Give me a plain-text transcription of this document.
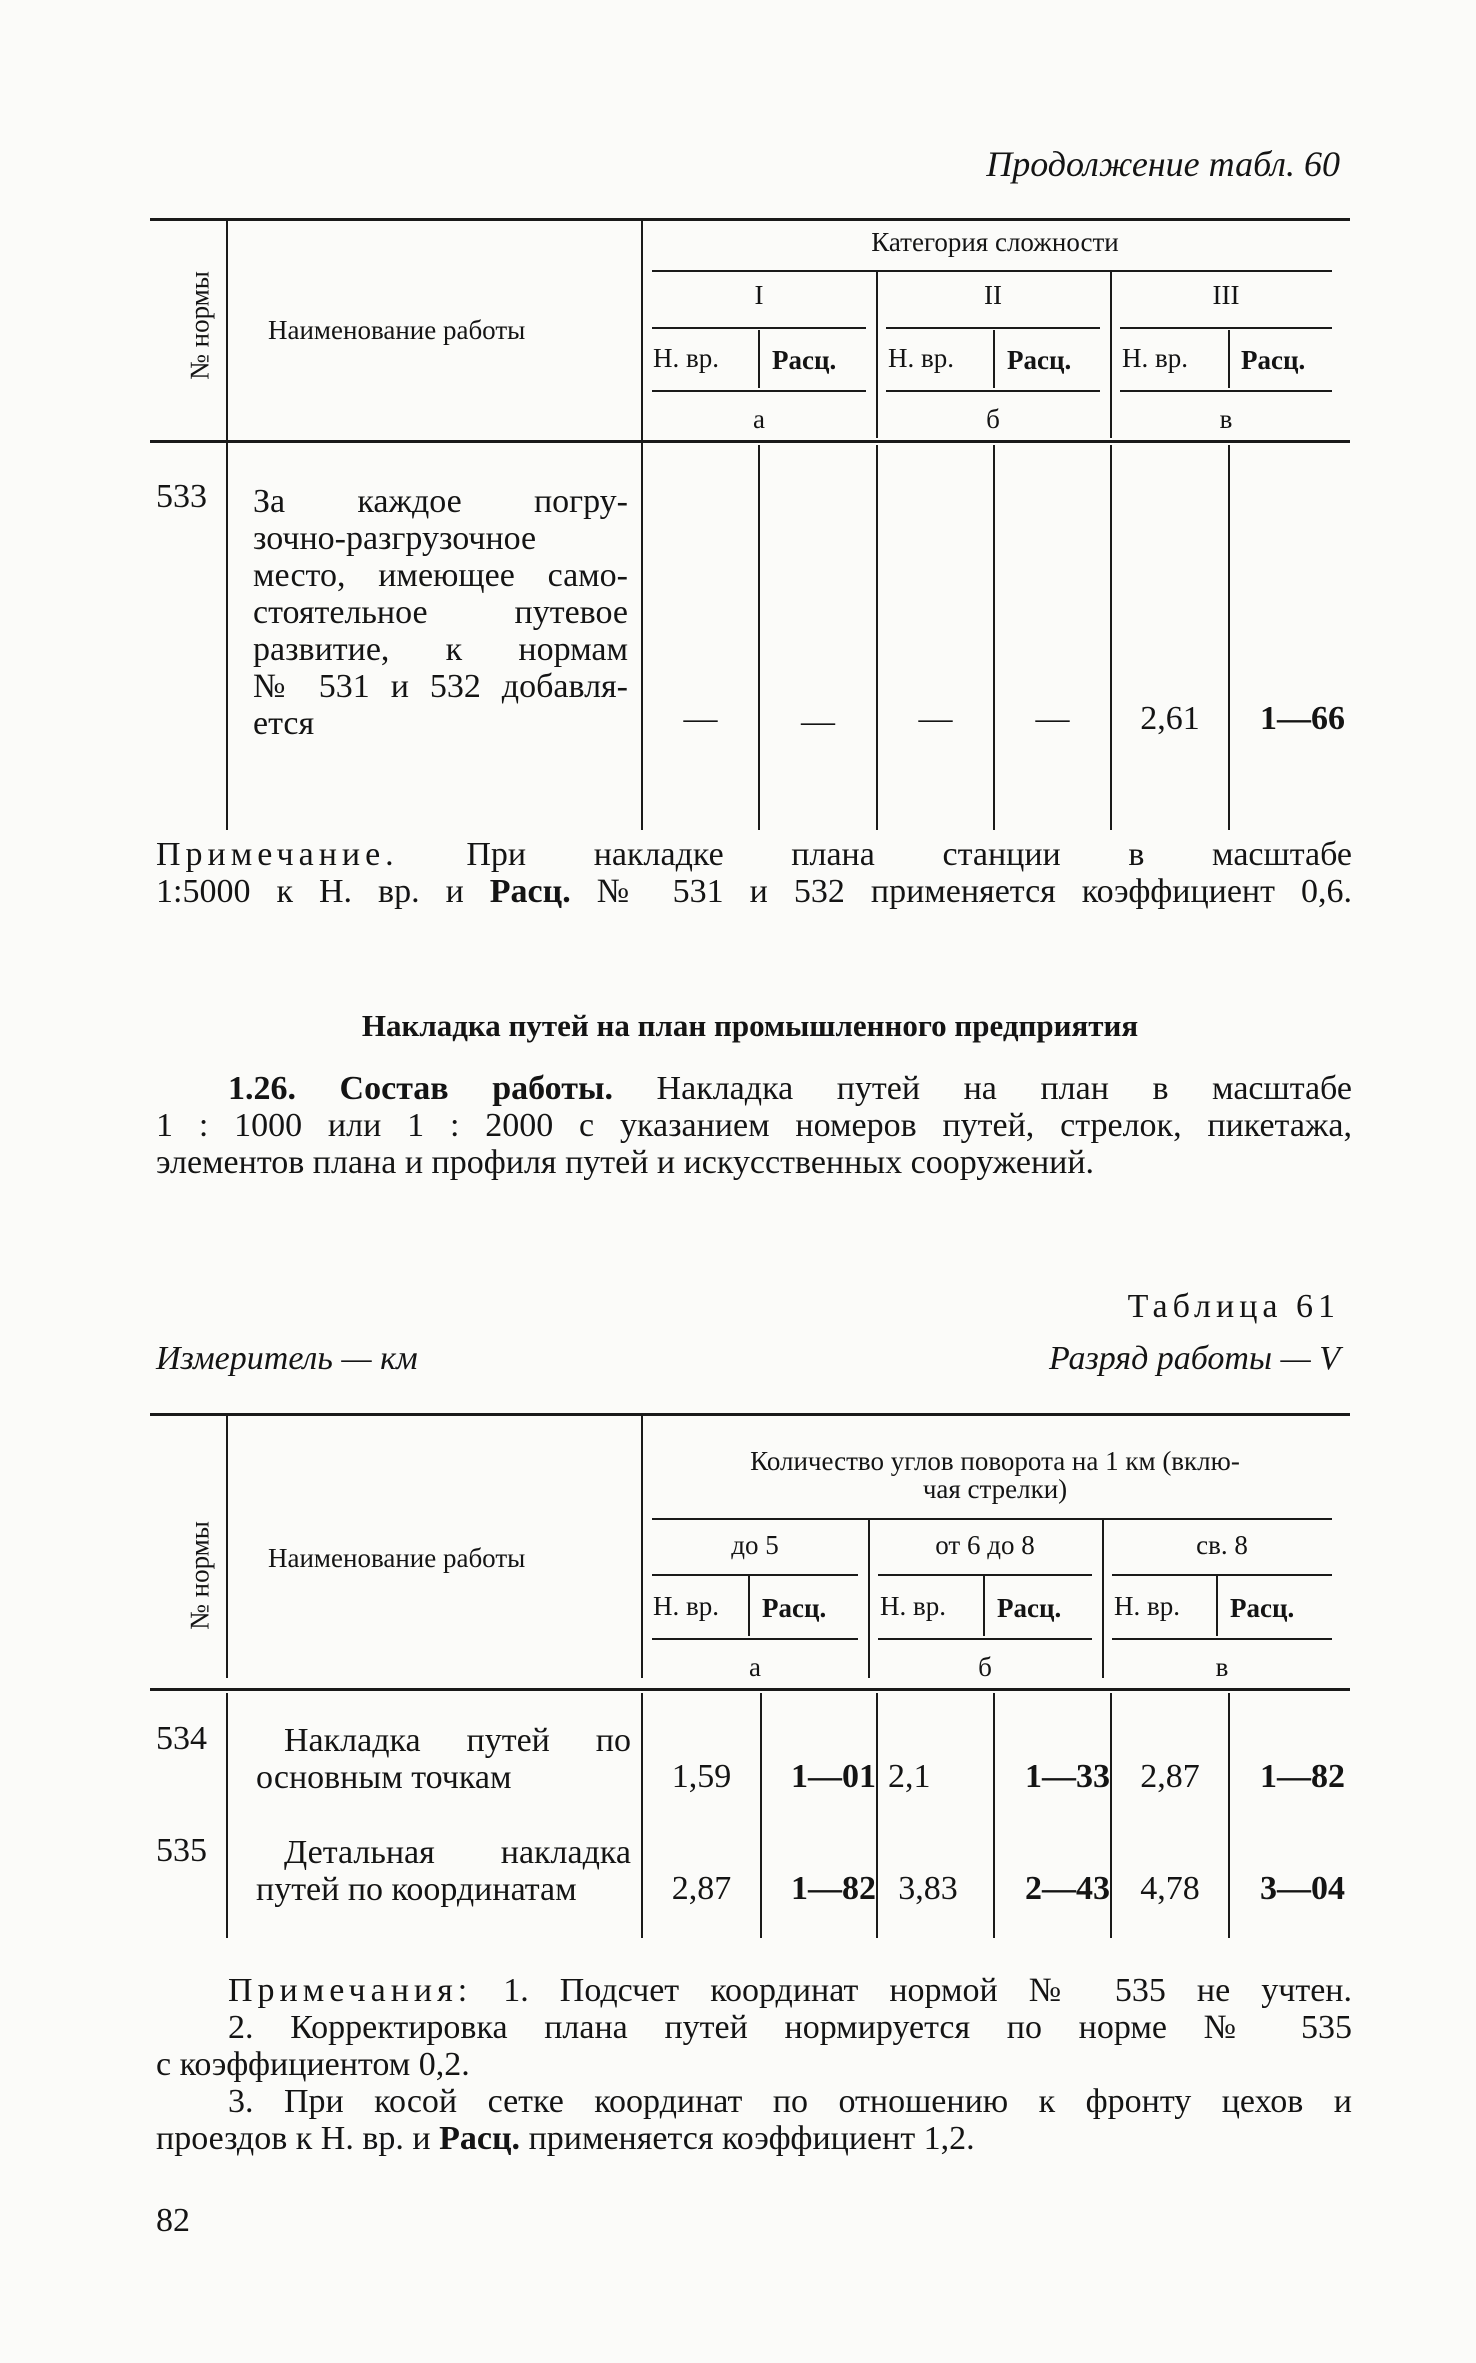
Продолжение табл. 60
№ нормы Наименование работы
Категория сложности
I	II	III
Н. вр. Расц. Н. вр. Расц. Н. вр. Расц.
а	б	в
533 За каждое погру-
зочно-разгрузочное
место, имеющее само-
стоятельное путевое
развитие, к нормам
№ 531 и 532 добавля-
ется	—	—	—	—	2,61	1—66
Примечание. При накладке плана станции в масштабе
1:5000 к Н. вр. и Расц. № 531 и 532 применяется коэффициент 0,6.
Накладка путей на план промышленного предприятия
1.26. Состав работы. Накладка путей на план в масштабе
1 : 1000 или 1 : 2000 с указанием номеров путей, стрелок, пикетажа,
элементов плана и профиля путей и искусственных сооружений.
Таблица 61
Измеритель — км	Разряд работы — V
№ нормы Наименование работы
Количество углов поворота на 1 км (вклю-
чая стрелки)
до 5	от 6 до 8	св. 8
Н. вр. Расц. Н. вр. Расц. Н. вр. Расц.
а	б	в
534	Накладка путей по
основным точкам	1,59	1—01 2,1	1—33 2,87	1—82
535	Детальная накладка
путей по координатам	2,87	1—82 3,83	2—43 4,78	3—04
Примечания: 1. Подсчет координат нормой № 535 не учтен.
2. Корректировка плана путей нормируется по норме № 535
с коэффициентом 0,2.
3. При косой сетке координат по отношению к фронту цехов и
проездов к Н. вр. и Расц. применяется коэффициент 1,2.
82
